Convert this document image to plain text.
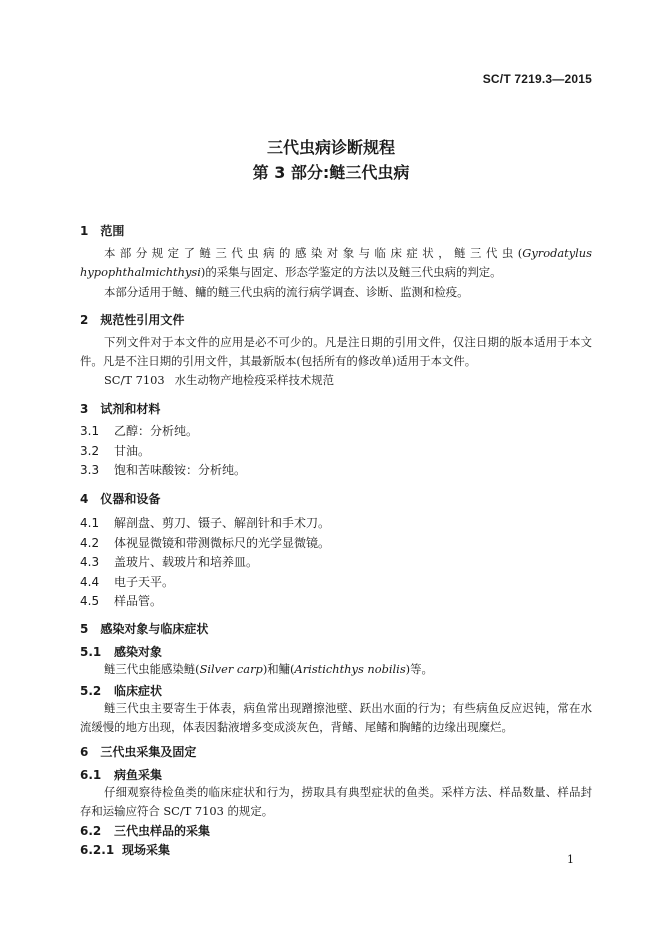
SC/T 7219.3—2015
三代虫病诊断规程
第 3 部分:鲢三代虫病
1 范围
本部分规定了鲢三代虫病的感染对象与临床症状，鲢三代虫(Gyrodatylus hypophthalmichthysi)的采集与固定、形态学鉴定的方法以及鲢三代虫病的判定。
本部分适用于鲢、鳙的鲢三代虫病的流行病学调查、诊断、监测和检疫。
2 规范性引用文件
下列文件对于本文件的应用是必不可少的。凡是注日期的引用文件，仅注日期的版本适用于本文件。凡是不注日期的引用文件，其最新版本(包括所有的修改单)适用于本文件。
SC/T 7103 水生动物产地检疫采样技术规范
3 试剂和材料
3.1 乙醇：分析纯。
3.2 甘油。
3.3 饱和苦味酸铵：分析纯。
4 仪器和设备
4.1 解剖盘、剪刀、镊子、解剖针和手术刀。
4.2 体视显微镜和带测微标尺的光学显微镜。
4.3 盖玻片、载玻片和培养皿。
4.4 电子天平。
4.5 样品管。
5 感染对象与临床症状
5.1 感染对象
鲢三代虫能感染鲢(Silver carp)和鳙(Aristichthys nobilis)等。
5.2 临床症状
鲢三代虫主要寄生于体表，病鱼常出现蹭擦池壁、跃出水面的行为；有些病鱼反应迟钝，常在水流缓慢的地方出现，体表因黏液增多变成淡灰色，背鳍、尾鳍和胸鳍的边缘出现糜烂。
6 三代虫采集及固定
6.1 病鱼采集
仔细观察待检鱼类的临床症状和行为，捞取具有典型症状的鱼类。采样方法、样品数量、样品封存和运输应符合 SC/T 7103 的规定。
6.2 三代虫样品的采集
6.2.1 现场采集
1
